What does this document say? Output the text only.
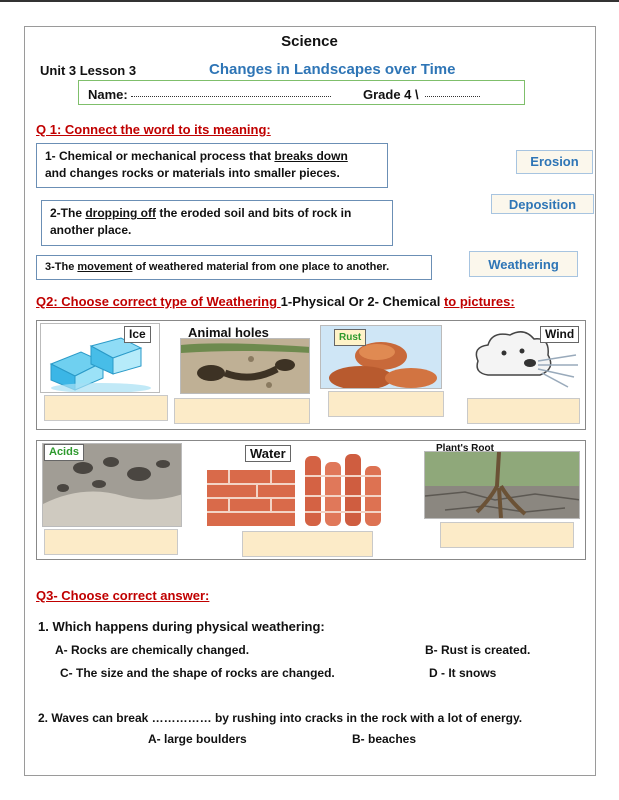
Science
Unit 3 Lesson 3	Changes in Landscapes over Time
Name:	Grade 4 \
Q 1: Connect the word to its meaning:
1- Chemical or mechanical process that breaks down
and changes rocks or materials into smaller pieces.
2-The dropping off the eroded soil and bits of rock in
another place.
3-The movement of weathered material from one place to another.
Erosion
Deposition
Weathering
Q2: Choose correct type of Weathering 1-Physical Or 2- Chemical to pictures:
Ice	Animal holes	Rust	Wind
Acids	Water	Plant's Root
Q3- Choose correct answer:
1. Which happens during physical weathering:
A- Rocks are chemically changed.	B- Rust is created.
C- The size and the shape of rocks are changed.	D - It snows
2. Waves can break …………… by rushing into cracks in the rock with a lot of energy.
A- large boulders	B- beaches
